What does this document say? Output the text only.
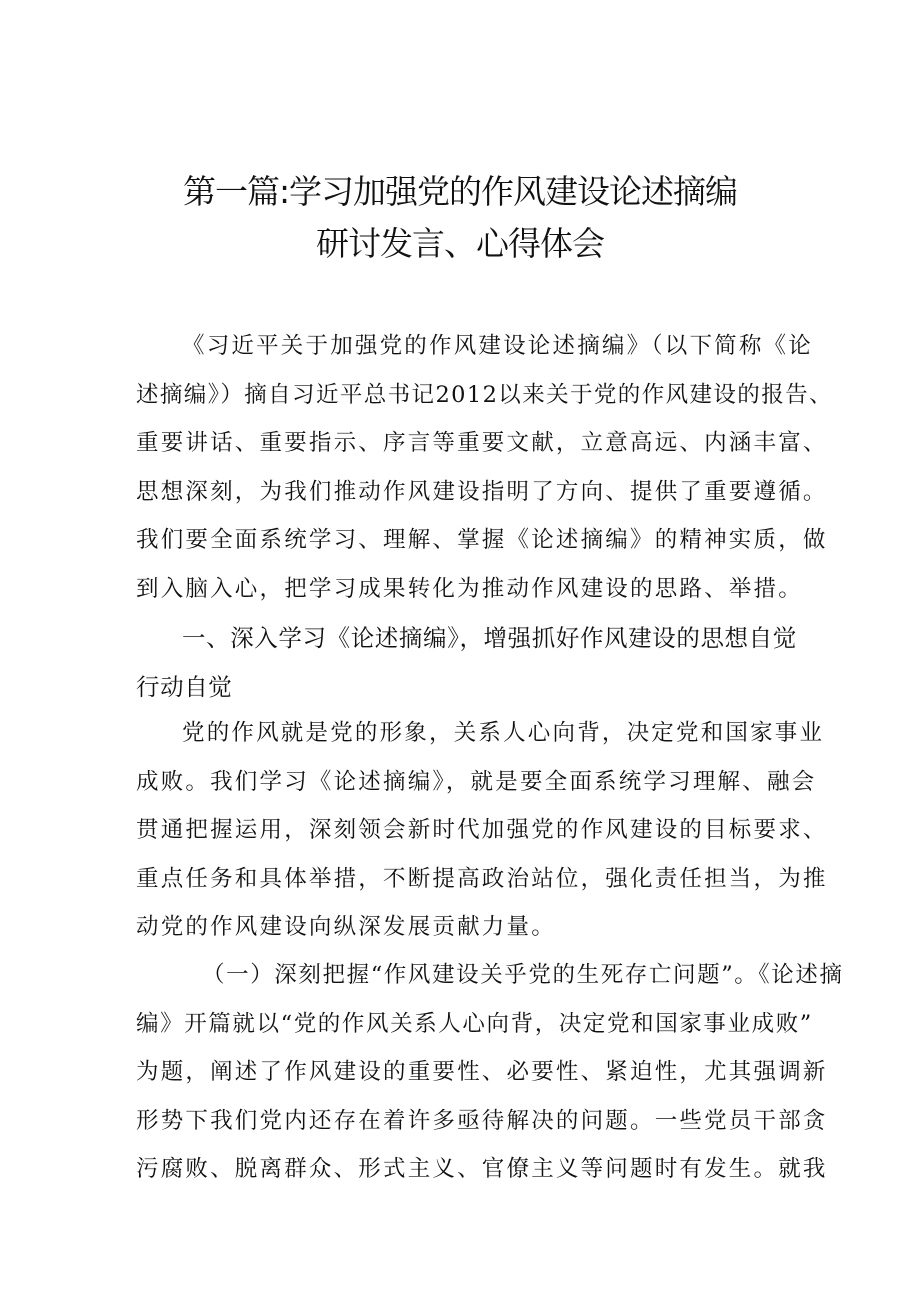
第一篇:学习加强党的作风建设论述摘编
研讨发言、心得体会
《习近平关于加强党的作风建设论述摘编》（以下简称《论
述摘编》）摘自习近平总书记2012以来关于党的作风建设的报告、
重要讲话、重要指示、序言等重要文献，立意高远、内涵丰富、
思想深刻，为我们推动作风建设指明了方向、提供了重要遵循。
我们要全面系统学习、理解、掌握《论述摘编》的精神实质，做
到入脑入心，把学习成果转化为推动作风建设的思路、举措。
一、深入学习《论述摘编》，增强抓好作风建设的思想自觉
行动自觉
党的作风就是党的形象，关系人心向背，决定党和国家事业
成败。我们学习《论述摘编》，就是要全面系统学习理解、融会
贯通把握运用，深刻领会新时代加强党的作风建设的目标要求、
重点任务和具体举措，不断提高政治站位，强化责任担当，为推
动党的作风建设向纵深发展贡献力量。
（一）深刻把握“作风建设关乎党的生死存亡问题”。《论述摘
编》开篇就以“党的作风关系人心向背，决定党和国家事业成败”
为题，阐述了作风建设的重要性、必要性、紧迫性，尤其强调新
形势下我们党内还存在着许多亟待解决的问题。一些党员干部贪
污腐败、脱离群众、形式主义、官僚主义等问题时有发生。就我
